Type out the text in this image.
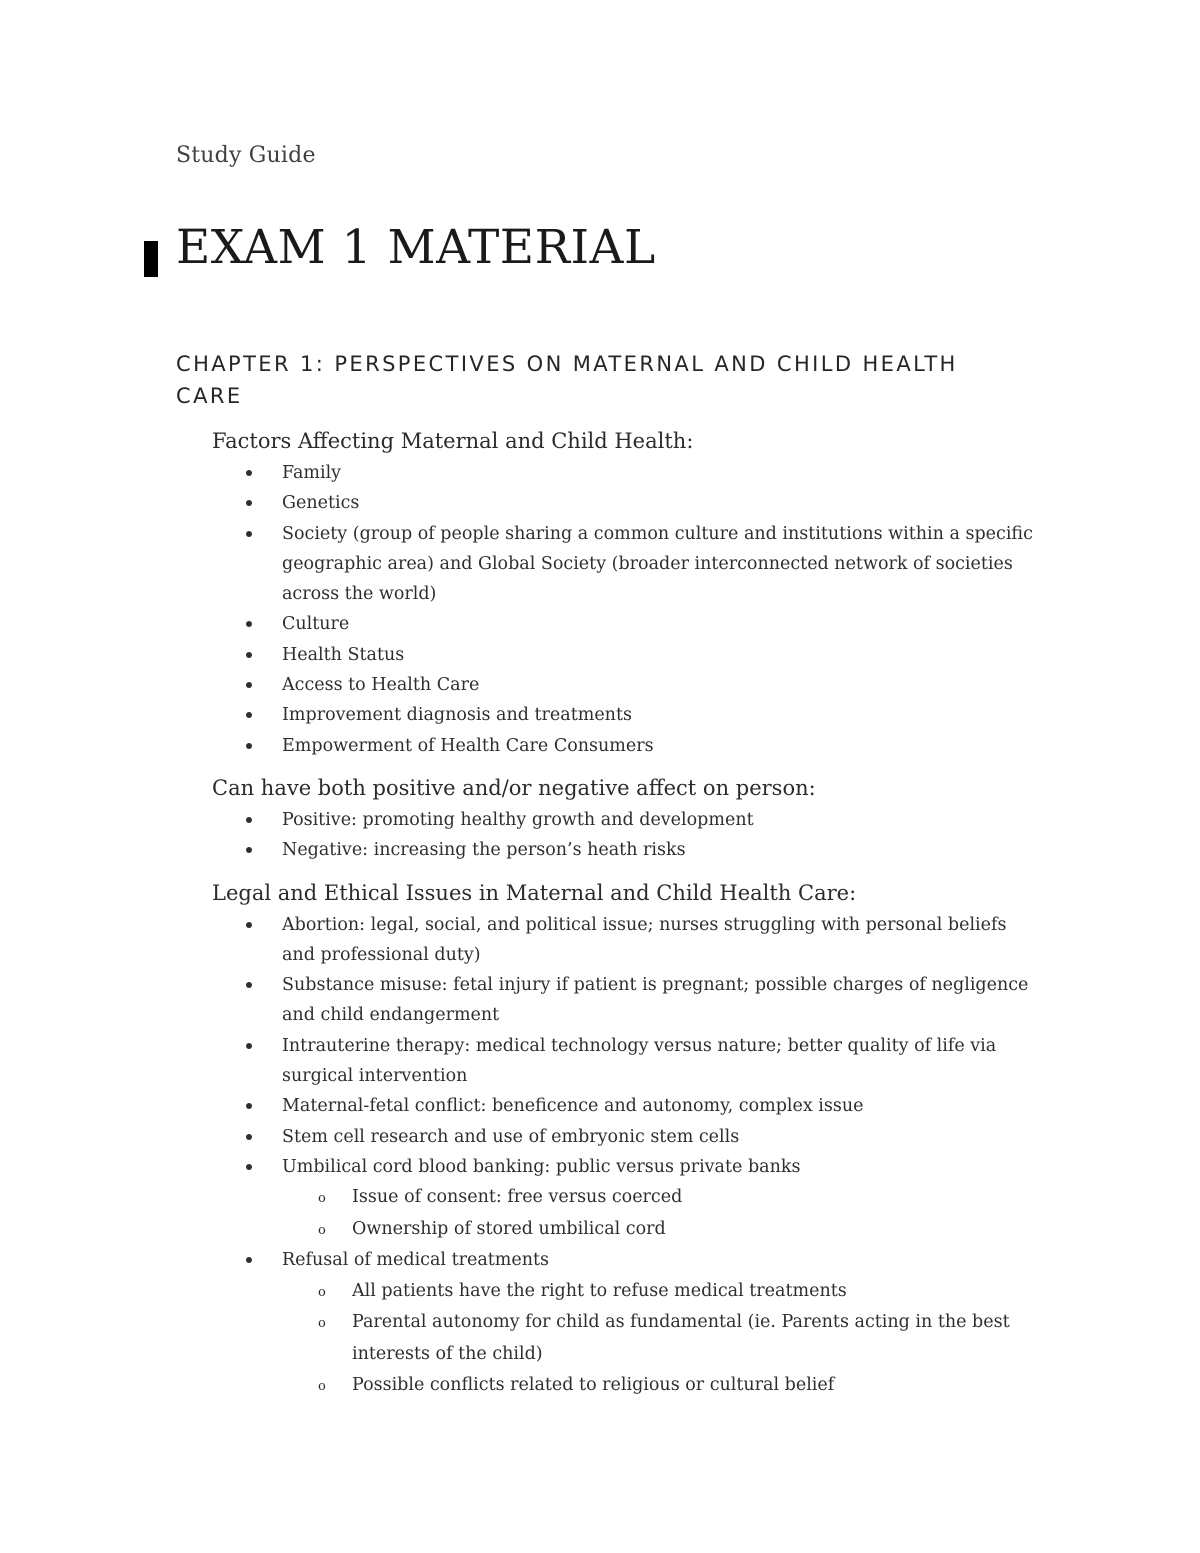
Study Guide
EXAM 1 MATERIAL
CHAPTER 1: PERSPECTIVES ON MATERNAL AND CHILD HEALTH CARE
Factors Affecting Maternal and Child Health:
Family
Genetics
Society (group of people sharing a common culture and institutions within a specific geographic area) and Global Society (broader interconnected network of societies across the world)
Culture
Health Status
Access to Health Care
Improvement diagnosis and treatments
Empowerment of Health Care Consumers
Can have both positive and/or negative affect on person:
Positive: promoting healthy growth and development
Negative: increasing the person’s heath risks
Legal and Ethical Issues in Maternal and Child Health Care:
Abortion: legal, social, and political issue; nurses struggling with personal beliefs and professional duty)
Substance misuse: fetal injury if patient is pregnant; possible charges of negligence and child endangerment
Intrauterine therapy: medical technology versus nature; better quality of life via surgical intervention
Maternal-fetal conflict: beneficence and autonomy, complex issue
Stem cell research and use of embryonic stem cells
Umbilical cord blood banking: public versus private banks
o Issue of consent: free versus coerced
o Ownership of stored umbilical cord
Refusal of medical treatments
o All patients have the right to refuse medical treatments
o Parental autonomy for child as fundamental (ie. Parents acting in the best interests of the child)
o Possible conflicts related to religious or cultural belief
